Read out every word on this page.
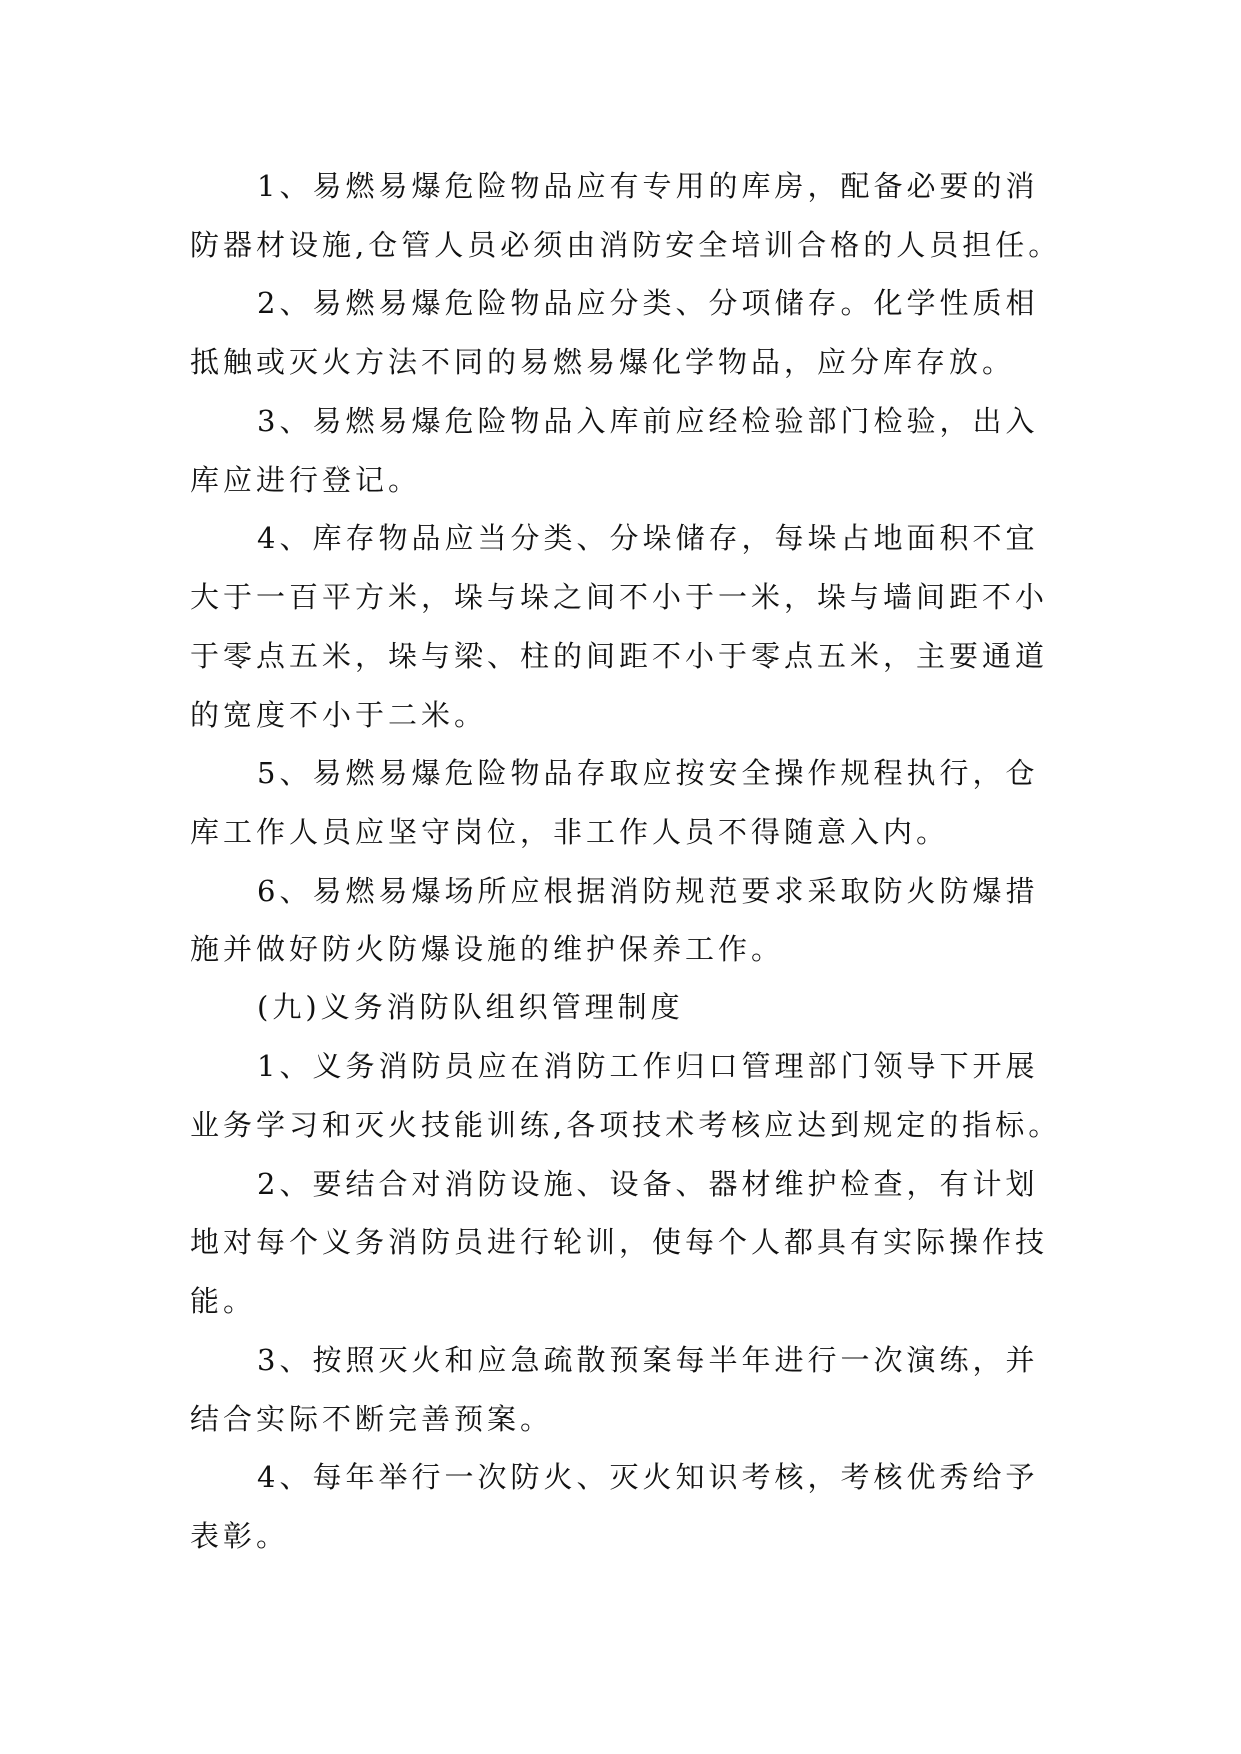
1、易燃易爆危险物品应有专用的库房，配备必要的消
防器材设施,仓管人员必须由消防安全培训合格的人员担任。
2、易燃易爆危险物品应分类、分项储存。化学性质相
抵触或灭火方法不同的易燃易爆化学物品，应分库存放。
3、易燃易爆危险物品入库前应经检验部门检验，出入
库应进行登记。
4、库存物品应当分类、分垛储存，每垛占地面积不宜
大于一百平方米，垛与垛之间不小于一米，垛与墙间距不小
于零点五米，垛与梁、柱的间距不小于零点五米，主要通道
的宽度不小于二米。
5、易燃易爆危险物品存取应按安全操作规程执行，仓
库工作人员应坚守岗位，非工作人员不得随意入内。
6、易燃易爆场所应根据消防规范要求采取防火防爆措
施并做好防火防爆设施的维护保养工作。
(九)义务消防队组织管理制度
1、义务消防员应在消防工作归口管理部门领导下开展
业务学习和灭火技能训练,各项技术考核应达到规定的指标。
2、要结合对消防设施、设备、器材维护检查，有计划
地对每个义务消防员进行轮训，使每个人都具有实际操作技
能。
3、按照灭火和应急疏散预案每半年进行一次演练，并
结合实际不断完善预案。
4、每年举行一次防火、灭火知识考核，考核优秀给予
表彰。
